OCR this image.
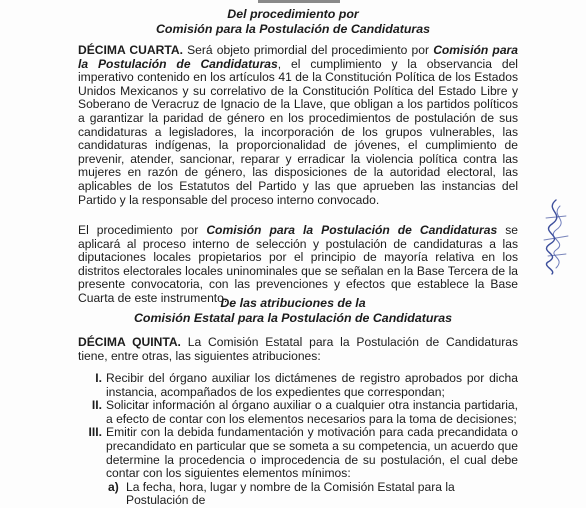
Del procedimiento por
Comisión para la Postulación de Candidaturas
DÉCIMA CUARTA. Será objeto primordial del procedimiento por Comisión para la Postulación de Candidaturas, el cumplimiento y la observancia del imperativo contenido en los artículos 41 de la Constitución Política de los Estados Unidos Mexicanos y su correlativo de la Constitución Política del Estado Libre y Soberano de Veracruz de Ignacio de la Llave, que obligan a los partidos políticos a garantizar la paridad de género en los procedimientos de postulación de sus candidaturas a legisladores, la incorporación de los grupos vulnerables, las candidaturas indígenas, la proporcionalidad de jóvenes, el cumplimiento de prevenir, atender, sancionar, reparar y erradicar la violencia política contra las mujeres en razón de género, las disposiciones de la autoridad electoral, las aplicables de los Estatutos del Partido y las que aprueben las instancias del Partido y la responsable del proceso interno convocado.
El procedimiento por Comisión para la Postulación de Candidaturas se aplicará al proceso interno de selección y postulación de candidaturas a las diputaciones locales propietarios por el principio de mayoría relativa en los distritos electorales locales uninominales que se señalan en la Base Tercera de la presente convocatoria, con las prevenciones y efectos que establece la Base Cuarta de este instrumento.
De las atribuciones de la
Comisión Estatal para la Postulación de Candidaturas
DÉCIMA QUINTA. La Comisión Estatal para la Postulación de Candidaturas tiene, entre otras, las siguientes atribuciones:
I. Recibir del órgano auxiliar los dictámenes de registro aprobados por dicha instancia, acompañados de los expedientes que correspondan;
II. Solicitar información al órgano auxiliar o a cualquier otra instancia partidaria, a efecto de contar con los elementos necesarios para la toma de decisiones;
III. Emitir con la debida fundamentación y motivación para cada precandidata o precandidato en particular que se someta a su competencia, un acuerdo que determine la procedencia o improcedencia de su postulación, el cual debe contar con los siguientes elementos mínimos:
a) La fecha, hora, lugar y nombre de la Comisión Estatal para la Postulación de
